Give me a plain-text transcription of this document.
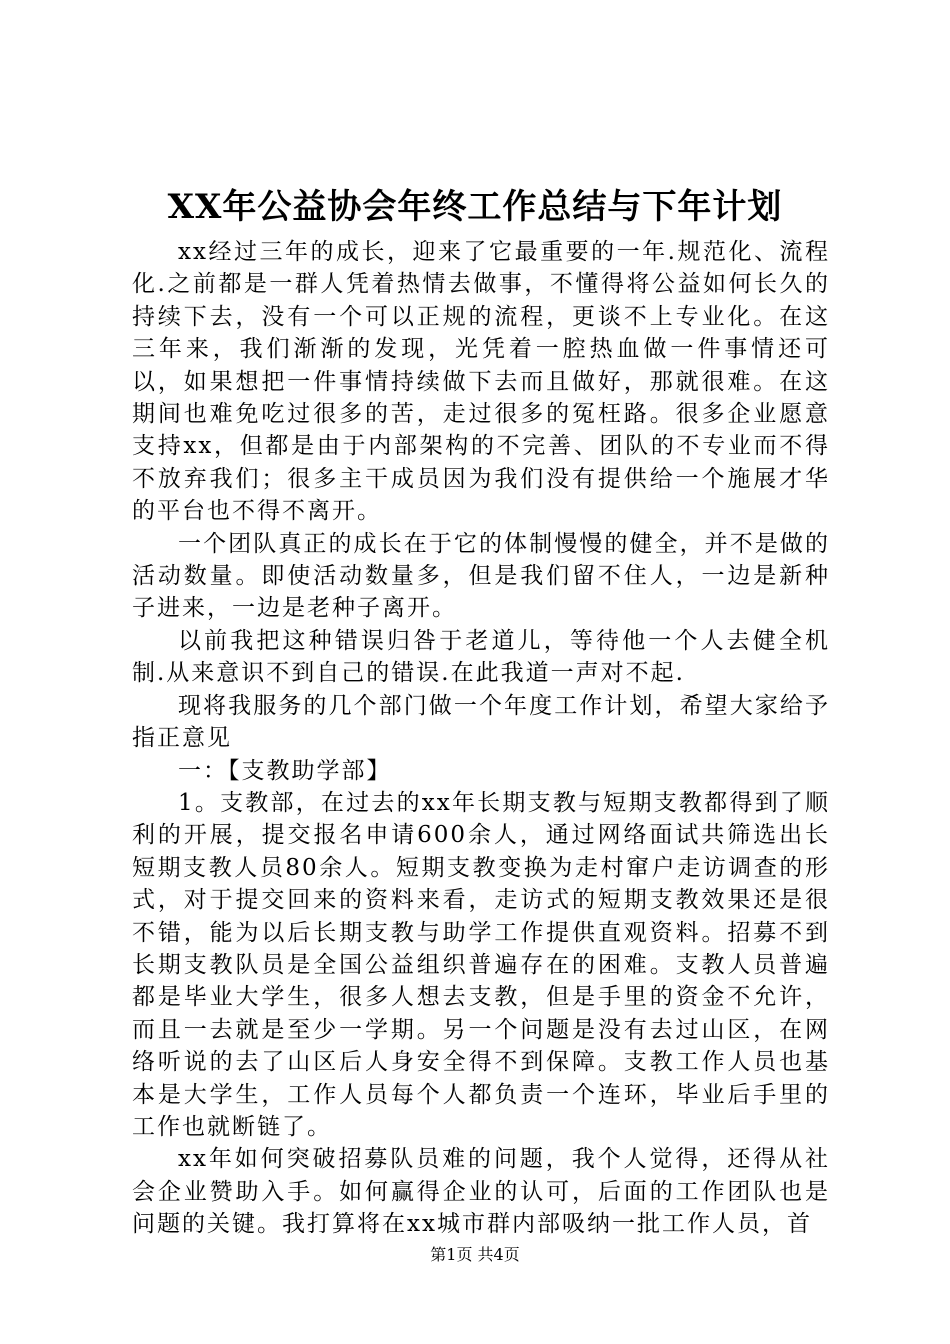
XX年公益协会年终工作总结与下年计划

xx经过三年的成长，迎来了它最重要的一年.规范化、流程化.之前都是一群人凭着热情去做事，不懂得将公益如何长久的持续下去，没有一个可以正规的流程，更谈不上专业化。在这三年来，我们渐渐的发现，光凭着一腔热血做一件事情还可以，如果想把一件事情持续做下去而且做好，那就很难。在这期间也难免吃过很多的苦，走过很多的冤枉路。很多企业愿意支持xx，但都是由于内部架构的不完善、团队的不专业而不得不放弃我们；很多主干成员因为我们没有提供给一个施展才华的平台也不得不离开。

一个团队真正的成长在于它的体制慢慢的健全，并不是做的活动数量。即使活动数量多，但是我们留不住人，一边是新种子进来，一边是老种子离开。

以前我把这种错误归咎于老道儿，等待他一个人去健全机制.从来意识不到自己的错误.在此我道一声对不起.

现将我服务的几个部门做一个年度工作计划，希望大家给予指正意见

一：【支教助学部】

1。支教部，在过去的xx年长期支教与短期支教都得到了顺利的开展，提交报名申请600余人，通过网络面试共筛选出长短期支教人员80余人。短期支教变换为走村窜户走访调查的形式，对于提交回来的资料来看，走访式的短期支教效果还是很不错，能为以后长期支教与助学工作提供直观资料。招募不到长期支教队员是全国公益组织普遍存在的困难。支教人员普遍都是毕业大学生，很多人想去支教，但是手里的资金不允许，而且一去就是至少一学期。另一个问题是没有去过山区，在网络听说的去了山区后人身安全得不到保障。支教工作人员也基本是大学生，工作人员每个人都负责一个连环，毕业后手里的工作也就断链了。

xx年如何突破招募队员难的问题，我个人觉得，还得从社会企业赞助入手。如何赢得企业的认可，后面的工作团队也是问题的关键。我打算将在xx城市群内部吸纳一批工作人员，首

第1页 共4页
